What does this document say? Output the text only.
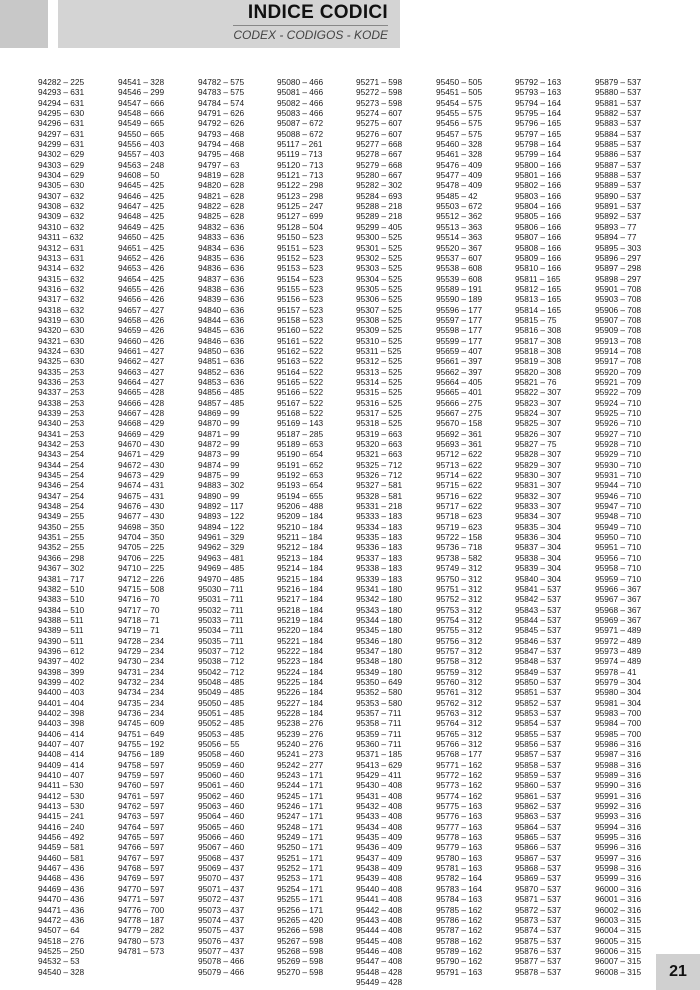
INDICE CODICI
CODEX - CODIGOS - KODE
94282 – 225
94293 – 631
94294 – 631
94295 – 630
94296 – 631
94297 – 631
94299 – 631
94302 – 629
94303 – 629
94304 – 629
94305 – 630
94307 – 632
94308 – 632
94309 – 632
94310 – 632
94311 – 632
94312 – 631
94313 – 631
94314 – 632
94315 – 632
94316 – 632
94317 – 632
94318 – 632
94319 – 630
94320 – 630
94321 – 630
94324 – 630
94325 – 630
94335 – 253
94336 – 253
94337 – 253
94338 – 253
94339 – 253
94340 – 253
94341 – 253
94342 – 253
94343 – 254
94344 – 254
94345 – 254
94346 – 254
94347 – 254
94348 – 254
94349 – 255
94350 – 255
94351 – 255
94352 – 255
94366 – 298
94367 – 302
94381 – 717
94382 – 510
94383 – 510
94384 – 510
94388 – 511
94389 – 511
94390 – 511
94396 – 612
94397 – 402
94398 – 399
94399 – 402
94400 – 403
94401 – 404
94402 – 398
94403 – 398
94406 – 414
94407 – 407
94408 – 414
94409 – 414
94410 – 407
94411 – 530
94412 – 530
94413 – 530
94415 – 241
94416 – 240
94456 – 492
94459 – 581
94460 – 581
94467 – 436
94468 – 436
94469 – 436
94470 – 436
94471 – 436
94472 – 436
94507 – 64
94518 – 276
94525 – 250
94532 – 53
94540 – 328
94541 – 328
94546 – 299
94547 – 666
94548 – 666
94549 – 665
94550 – 665
94556 – 403
94557 – 403
94563 – 248
94608 – 50
94645 – 425
94646 – 425
94647 – 425
94648 – 425
94649 – 425
94650 – 425
94651 – 425
94652 – 426
94653 – 426
94654 – 425
94655 – 426
94656 – 426
94657 – 427
94658 – 426
94659 – 426
94660 – 426
94661 – 427
94662 – 427
94663 – 427
94664 – 427
94665 – 428
94666 – 428
94667 – 428
94668 – 429
94669 – 429
94670 – 430
94671 – 429
94672 – 430
94673 – 429
94674 – 431
94675 – 431
94676 – 430
94677 – 430
94698 – 350
94704 – 350
94705 – 225
94706 – 225
94710 – 225
94712 – 226
94715 – 508
94716 – 70
94717 – 70
94718 – 71
94719 – 71
94728 – 234
94729 – 234
94730 – 234
94731 – 234
94732 – 234
94734 – 234
94735 – 234
94736 – 234
94745 – 609
94751 – 649
94755 – 192
94756 – 189
94758 – 597
94759 – 597
94760 – 597
94761 – 597
94762 – 597
94763 – 597
94764 – 597
94765 – 597
94766 – 597
94767 – 597
94768 – 597
94769 – 597
94770 – 597
94771 – 597
94776 – 700
94778 – 187
94779 – 282
94780 – 573
94781 – 573
94782 – 575
94783 – 575
94784 – 574
94791 – 626
94792 – 626
94793 – 468
94794 – 468
94795 – 468
94797 – 63
94819 – 628
94820 – 628
94821 – 628
94822 – 628
94825 – 628
94832 – 636
94833 – 636
94834 – 636
94835 – 636
94836 – 636
94837 – 636
94838 – 636
94839 – 636
94840 – 636
94844 – 636
94845 – 636
94846 – 636
94850 – 636
94851 – 636
94852 – 636
94853 – 636
94856 – 485
94857 – 485
94869 – 99
94870 – 99
94871 – 99
94872 – 99
94873 – 99
94874 – 99
94875 – 99
94883 – 302
94890 – 99
94892 – 117
94893 – 122
94894 – 122
94961 – 329
94962 – 329
94963 – 481
94969 – 485
94970 – 485
95030 – 711
95031 – 711
95032 – 711
95033 – 711
95034 – 711
95035 – 711
95037 – 712
95038 – 712
95042 – 712
95048 – 485
95049 – 485
95050 – 485
95051 – 485
95052 – 485
95053 – 485
95056 – 55
95058 – 460
95059 – 460
95060 – 460
95061 – 460
95062 – 460
95063 – 460
95064 – 460
95065 – 460
95066 – 460
95067 – 460
95068 – 437
95069 – 437
95070 – 437
95071 – 437
95072 – 437
95073 – 437
95074 – 437
95075 – 437
95076 – 437
95077 – 437
95078 – 466
95079 – 466
95080 – 466
95081 – 466
95082 – 466
95083 – 466
95087 – 672
95088 – 672
95117 – 261
95119 – 713
95120 – 713
95121 – 713
95122 – 298
95123 – 298
95125 – 247
95127 – 699
95128 – 504
95150 – 523
95151 – 523
95152 – 523
95153 – 523
95154 – 523
95155 – 523
95156 – 523
95157 – 523
95158 – 523
95160 – 522
95161 – 522
95162 – 522
95163 – 522
95164 – 522
95165 – 522
95166 – 522
95167 – 522
95168 – 522
95169 – 143
95187 – 285
95189 – 653
95190 – 654
95191 – 652
95192 – 653
95193 – 654
95194 – 655
95206 – 488
95209 – 184
95210 – 184
95211 – 184
95212 – 184
95213 – 184
95214 – 184
95215 – 184
95216 – 184
95217 – 184
95218 – 184
95219 – 184
95220 – 184
95221 – 184
95222 – 184
95223 – 184
95224 – 184
95225 – 184
95226 – 184
95227 – 184
95228 – 184
95238 – 276
95239 – 276
95240 – 276
95241 – 273
95242 – 277
95243 – 171
95244 – 171
95245 – 171
95246 – 171
95247 – 171
95248 – 171
95249 – 171
95250 – 171
95251 – 171
95252 – 171
95253 – 171
95254 – 171
95255 – 171
95256 – 171
95265 – 420
95266 – 598
95267 – 598
95268 – 598
95269 – 598
95270 – 598
95271 – 598
95272 – 598
95273 – 598
95274 – 607
95275 – 607
95276 – 607
95277 – 668
95278 – 667
95279 – 668
95280 – 667
95282 – 302
95284 – 693
95288 – 218
95289 – 218
95299 – 405
95300 – 525
95301 – 525
95302 – 525
95303 – 525
95304 – 525
95305 – 525
95306 – 525
95307 – 525
95308 – 525
95309 – 525
95310 – 525
95311 – 525
95312 – 525
95313 – 525
95314 – 525
95315 – 525
95316 – 525
95317 – 525
95318 – 525
95319 – 663
95320 – 663
95321 – 663
95325 – 712
95326 – 712
95327 – 581
95328 – 581
95331 – 218
95333 – 183
95334 – 183
95335 – 183
95336 – 183
95337 – 183
95338 – 183
95339 – 183
95341 – 180
95342 – 180
95343 – 180
95344 – 180
95345 – 180
95346 – 180
95347 – 180
95348 – 180
95349 – 180
95350 – 649
95352 – 580
95353 – 580
95357 – 711
95358 – 711
95359 – 711
95360 – 711
95371 – 185
95413 – 629
95429 – 411
95430 – 408
95431 – 408
95432 – 408
95433 – 408
95434 – 408
95435 – 409
95436 – 409
95437 – 409
95438 – 409
95439 – 408
95440 – 408
95441 – 408
95442 – 408
95443 – 408
95444 – 408
95445 – 408
95446 – 408
95447 – 408
95448 – 428
95449 – 428
95450 – 505
95451 – 505
95454 – 575
95455 – 575
95456 – 575
95457 – 575
95460 – 328
95461 – 328
95476 – 409
95477 – 409
95478 – 409
95485 – 42
95503 – 672
95512 – 362
95513 – 363
95514 – 363
95520 – 367
95537 – 607
95538 – 608
95539 – 608
95589 – 191
95590 – 189
95596 – 177
95597 – 177
95598 – 177
95599 – 177
95659 – 407
95661 – 397
95662 – 397
95664 – 405
95665 – 401
95666 – 275
95667 – 275
95670 – 158
95692 – 361
95693 – 361
95712 – 622
95713 – 622
95714 – 622
95715 – 622
95716 – 622
95717 – 622
95718 – 623
95719 – 623
95722 – 158
95736 – 718
95738 – 582
95749 – 312
95750 – 312
95751 – 312
95752 – 312
95753 – 312
95754 – 312
95755 – 312
95756 – 312
95757 – 312
95758 – 312
95759 – 312
95760 – 312
95761 – 312
95762 – 312
95763 – 312
95764 – 312
95765 – 312
95766 – 312
95768 – 177
95771 – 162
95772 – 162
95773 – 162
95774 – 162
95775 – 163
95776 – 163
95777 – 163
95778 – 163
95779 – 163
95780 – 163
95781 – 163
95782 – 164
95783 – 164
95784 – 163
95785 – 162
95786 – 162
95787 – 162
95788 – 162
95789 – 162
95790 – 162
95791 – 163
95792 – 163
95793 – 163
95794 – 164
95795 – 164
95796 – 165
95797 – 165
95798 – 164
95799 – 164
95800 – 166
95801 – 166
95802 – 166
95803 – 166
95804 – 166
95805 – 166
95806 – 166
95807 – 166
95808 – 166
95809 – 166
95810 – 166
95811 – 165
95812 – 165
95813 – 165
95814 – 165
95815 – 75
95816 – 308
95817 – 308
95818 – 308
95819 – 308
95820 – 308
95821 – 76
95822 – 307
95823 – 307
95824 – 307
95825 – 307
95826 – 307
95827 – 75
95828 – 307
95829 – 307
95830 – 307
95831 – 307
95832 – 307
95833 – 307
95834 – 307
95835 – 304
95836 – 304
95837 – 304
95838 – 304
95839 – 304
95840 – 304
95841 – 537
95842 – 537
95843 – 537
95844 – 537
95845 – 537
95846 – 537
95847 – 537
95848 – 537
95849 – 537
95850 – 537
95851 – 537
95852 – 537
95853 – 537
95854 – 537
95855 – 537
95856 – 537
95857 – 537
95858 – 537
95859 – 537
95860 – 537
95861 – 537
95862 – 537
95863 – 537
95864 – 537
95865 – 537
95866 – 537
95867 – 537
95868 – 537
95869 – 537
95870 – 537
95871 – 537
95872 – 537
95873 – 537
95874 – 537
95875 – 537
95876 – 537
95877 – 537
95878 – 537
95879 – 537
95880 – 537
95881 – 537
95882 – 537
95883 – 537
95884 – 537
95885 – 537
95886 – 537
95887 – 537
95888 – 537
95889 – 537
95890 – 537
95891 – 537
95892 – 537
95893 – 77
95894 – 77
95895 – 303
95896 – 297
95897 – 298
95898 – 297
95901 – 708
95903 – 708
95906 – 708
95907 – 708
95909 – 708
95913 – 708
95914 – 708
95917 – 708
95920 – 709
95921 – 709
95922 – 709
95924 – 710
95925 – 710
95926 – 710
95927 – 710
95928 – 710
95929 – 710
95930 – 710
95931 – 710
95944 – 710
95946 – 710
95947 – 710
95948 – 710
95949 – 710
95950 – 710
95951 – 710
95956 – 710
95958 – 710
95959 – 710
95966 – 367
95967 – 367
95968 – 367
95969 – 367
95971 – 489
95972 – 489
95973 – 489
95974 – 489
95978 – 41
95979 – 304
95980 – 304
95981 – 304
95983 – 700
95984 – 700
95985 – 700
95986 – 316
95987 – 316
95988 – 316
95989 – 316
95990 – 316
95991 – 316
95992 – 316
95993 – 316
95994 – 316
95995 – 316
95996 – 316
95997 – 316
95998 – 316
95999 – 316
96000 – 316
96001 – 316
96002 – 316
96003 – 315
96004 – 315
96005 – 315
96006 – 315
96007 – 315
96008 – 315	21
